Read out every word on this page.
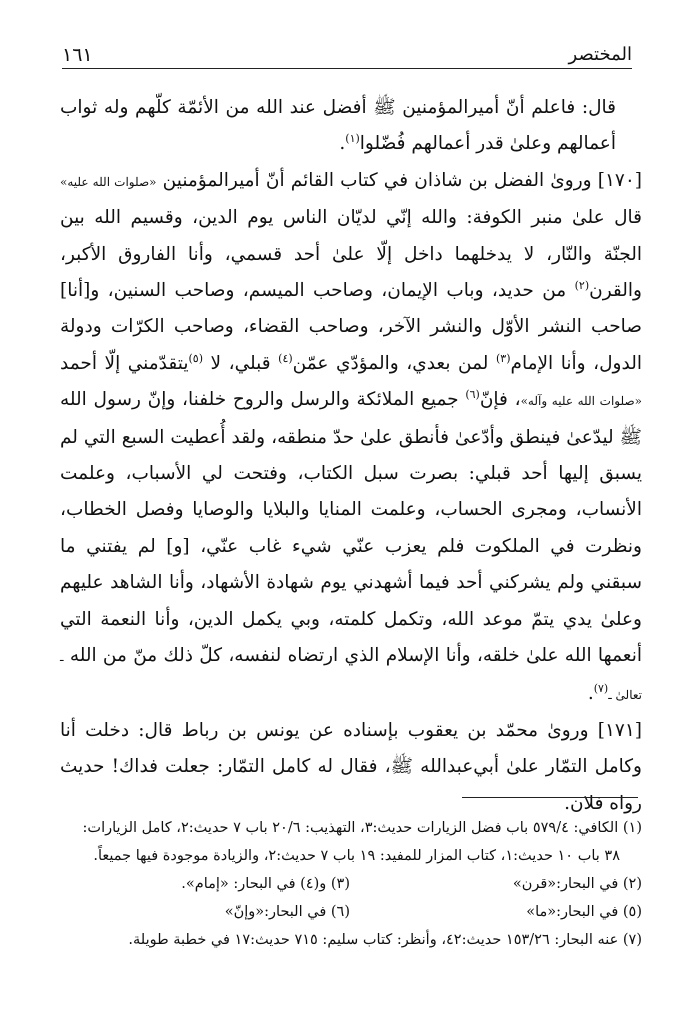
١٦١	المختصر

قال: فاعلم أنّ أميرالمؤمنين ﷺ أفضل عند الله من الأئمّة كلّهم وله ثواب أعمالهم وعلىٰ قدر أعمالهم فُضّلوا$^{(١)}$.

[١٧٠] وروىٰ الفضل بن شاذان في كتاب القائم أنّ أميرالمؤمنين «صلوات الله عليه» قال علىٰ منبر الكوفة: والله إنّي لديّان الناس يوم الدين، وقسيم الله بين الجنّة والنّار، لا يدخلهما داخل إلّا علىٰ أحد قسمي، وأنا الفاروق الأكبر، والقرن$^{(٢)}$ من حديد، وباب الإيمان، وصاحب الميسم، وصاحب السنين، و[أنا] صاحب النشر الأوّل والنشر الآخر، وصاحب القضاء، وصاحب الكرّات ودولة الدول، وأنا الإمام$^{(٣)}$ لمن بعدي، والمؤدّي عمّن$^{(٤)}$ قبلي، لا $^{(٥)}$يتقدّمني إلّا أحمد «صلوات الله عليه وآله»، فإنّ$^{(٦)}$ جميع الملائكة والرسل والروح خلفنا، وإنّ رسول الله ﷺ ليدّعىٰ فينطق وأدّعىٰ فأنطق علىٰ حدّ منطقه، ولقد أُعطيت السبع التي لم يسبق إليها أحد قبلي: بصرت سبل الكتاب، وفتحت لي الأسباب، وعلمت الأنساب، ومجرى الحساب، وعلمت المنايا والبلايا والوصايا وفصل الخطاب، ونظرت في الملكوت فلم يعزب عنّي شيء غاب عنّي، [و] لم يفتني ما سبقني ولم يشركني أحد فيما أشهدني يوم شهادة الأشهاد، وأنا الشاهد عليهم وعلىٰ يدي يتمّ موعد الله، وتكمل كلمته، وبي يكمل الدين، وأنا النعمة التي أنعمها الله علىٰ خلقه، وأنا الإسلام الذي ارتضاه لنفسه، كلّ ذلك منّ من الله ـ تعالىٰ ـ$^{(٧)}$.

[١٧١] وروىٰ محمّد بن يعقوب بإسناده عن يونس بن رباط قال: دخلت أنا وكامل التمّار علىٰ أبي‌عبدالله ﷺ، فقال له كامل التمّار: جعلت فداك! حديث رواه فلان.

(١) الكافي: ٥٧٩/٤ باب فضل الزيارات حديث:٣، التهذيب: ٢٠/٦ باب ٧ حديث:٢، كامل الزيارات:

٣٨ باب ١٠ حديث:١، كتاب المزار للمفيد: ١٩ باب ٧ حديث:٢، والزيادة موجودة فيها جميعاً.

(٢) في البحار:«قرن»
(٣) و(٤) في البحار: «إمام».
(٥) في البحار:«ما»
(٦) في البحار:«وإنّ»

(٧) عنه البحار: ١٥٣/٢٦ حديث:٤٢، وأنظر: كتاب سليم: ٧١٥ حديث:١٧ في خطبة طويلة.
